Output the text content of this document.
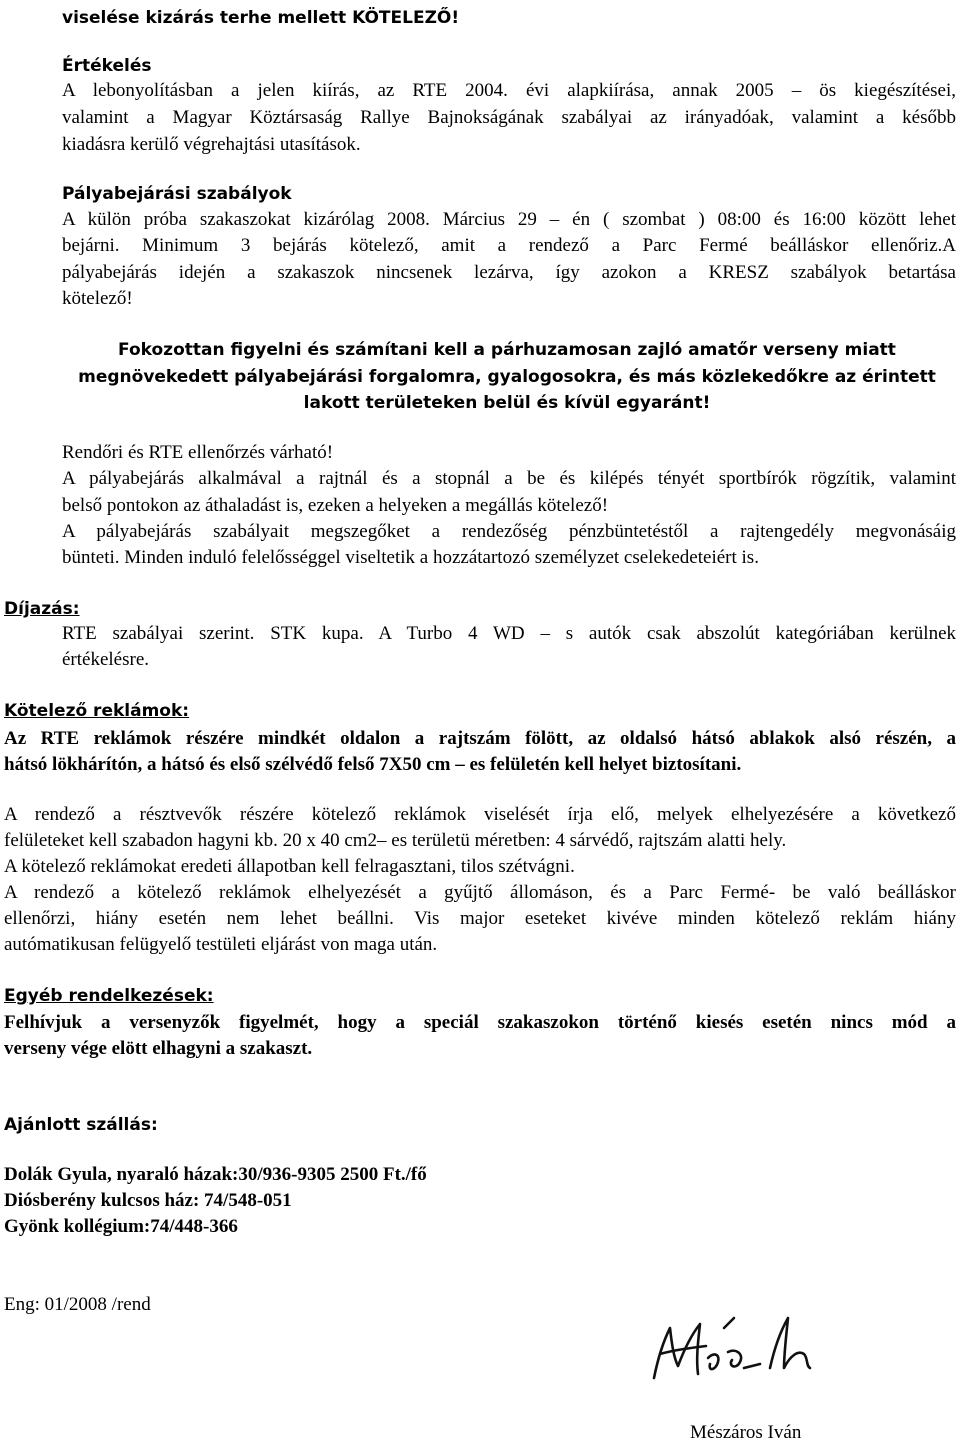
viselése kizárás terhe mellett KÖTELEZŐ!
Értékelés
A lebonyolításban a jelen kiírás, az RTE 2004. évi alapkiírása, annak 2005 – ös kiegészítései,
valamint a Magyar Köztársaság Rallye Bajnokságának szabályai az irányadóak, valamint a később
kiadásra kerülő végrehajtási utasítások.
Pályabejárási szabályok
A külön próba szakaszokat kizárólag 2008. Március 29 – én ( szombat ) 08:00 és 16:00 között lehet
bejárni. Minimum 3 bejárás kötelező, amit a rendező a Parc Fermé beálláskor ellenőriz.A
pályabejárás idején a szakaszok nincsenek lezárva, így azokon a KRESZ szabályok betartása
kötelező!
Fokozottan figyelni és számítani kell a párhuzamosan zajló amatőr verseny miatt
megnövekedett pályabejárási forgalomra, gyalogosokra, és más közlekedőkre az érintett
lakott területeken belül és kívül egyaránt!
Rendőri és RTE ellenőrzés várható!
A pályabejárás alkalmával a rajtnál és a stopnál a be és kilépés tényét sportbírók rögzítik, valamint
belső pontokon az áthaladást is, ezeken a helyeken a megállás kötelező!
A pályabejárás szabályait megszegőket a rendezőség pénzbüntetéstől a rajtengedély megvonásáig
bünteti. Minden induló felelősséggel viseltetik a hozzátartozó személyzet cselekedeteiért is.
Díjazás:
RTE szabályai szerint. STK kupa. A Turbo 4 WD – s autók csak abszolút kategóriában kerülnek
értékelésre.
Kötelező reklámok:
Az RTE reklámok részére mindkét oldalon a rajtszám fölött, az oldalsó hátsó ablakok alsó részén, a
hátsó lökhárítón, a hátsó és első szélvédő felső 7X50 cm – es felületén kell helyet biztosítani.
A rendező a résztvevők részére kötelező reklámok viselését írja elő, melyek elhelyezésére a következő
felületeket kell szabadon hagyni kb. 20 x 40 cm2– es területü méretben: 4 sárvédő, rajtszám alatti hely.
A kötelező reklámokat eredeti állapotban kell felragasztani, tilos szétvágni.
A rendező a kötelező reklámok elhelyezését a gyűjtő állomáson, és a Parc Fermé- be való beálláskor
ellenőrzi, hiány esetén nem lehet beállni. Vis major eseteket kivéve minden kötelező reklám hiány
autómatikusan felügyelő testületi eljárást von maga után.
Egyéb rendelkezések:
Felhívjuk a versenyzők figyelmét, hogy a speciál szakaszokon történő kiesés esetén nincs mód a
verseny vége elött elhagyni a szakaszt.
Ajánlott szállás:
Dolák Gyula, nyaraló házak:30/936-9305 2500 Ft./fő
Diósberény kulcsos ház: 74/548-051
Gyönk kollégium:74/448-366
Eng: 01/2008 /rend
Mészáros Iván
